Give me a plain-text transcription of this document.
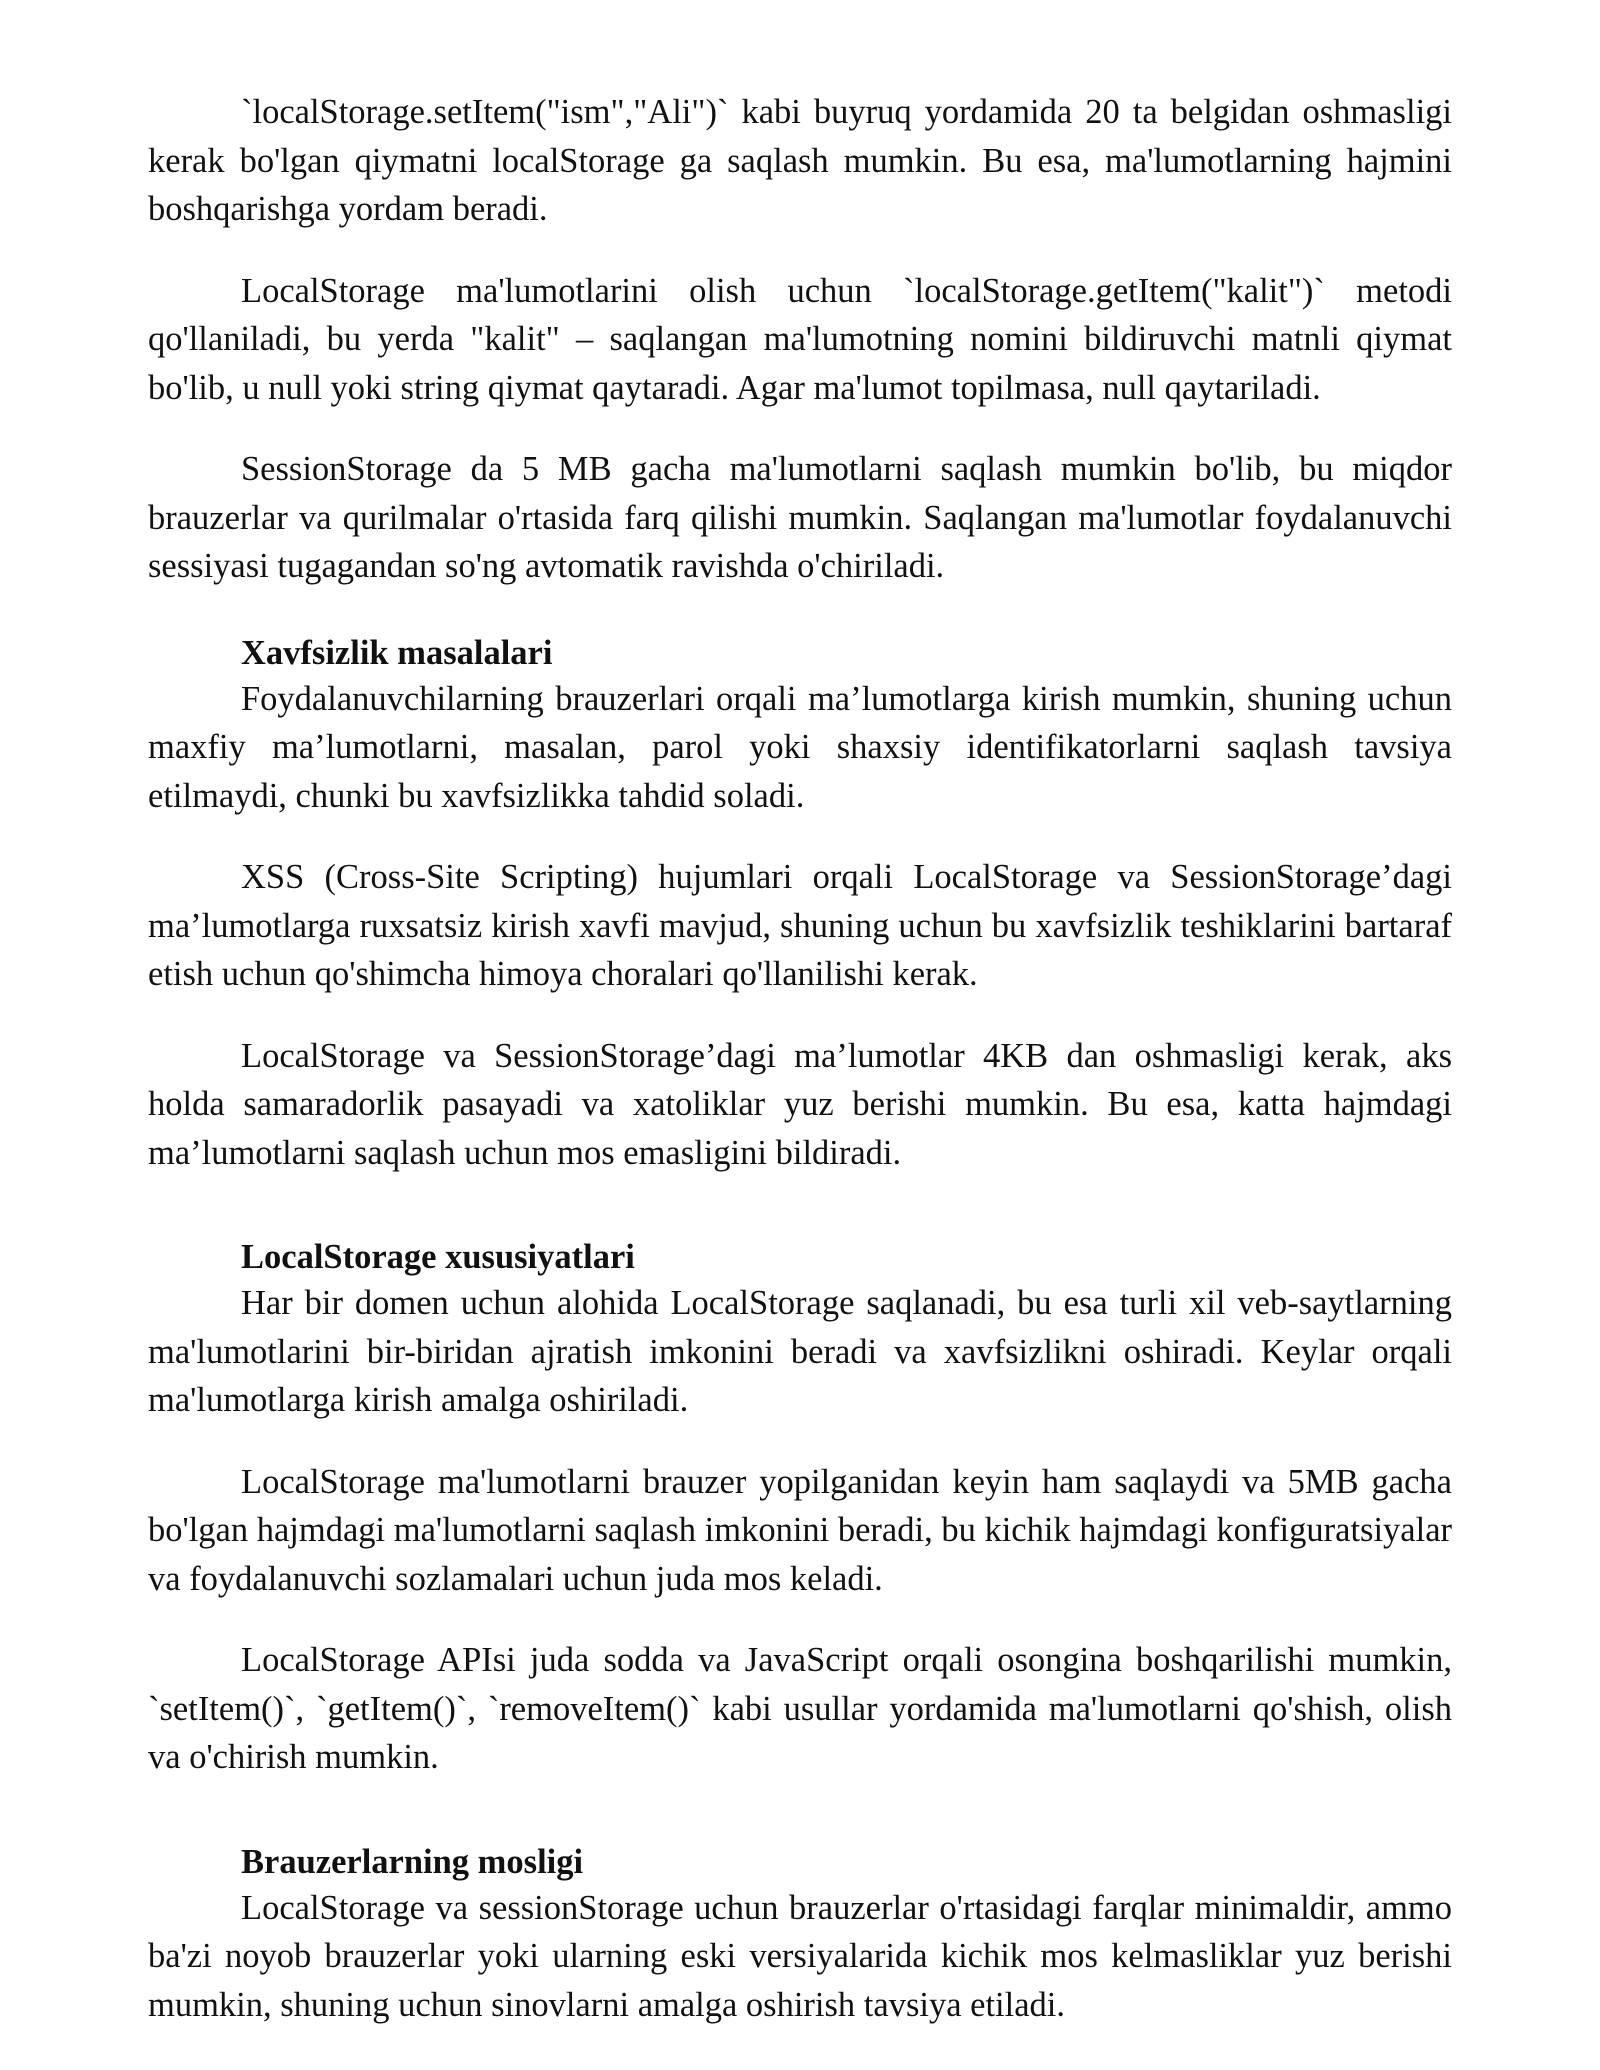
`localStorage.setItem("ism","Ali")` kabi buyruq yordamida 20 ta belgidan oshmasligi kerak bo'lgan qiymatni localStorage ga saqlash mumkin. Bu esa, ma'lumotlarning hajmini boshqarishga yordam beradi.

LocalStorage ma'lumotlarini olish uchun `localStorage.getItem("kalit")` metodi qo'llaniladi, bu yerda "kalit" – saqlangan ma'lumotning nomini bildiruvchi matnli qiymat bo'lib, u null yoki string qiymat qaytaradi. Agar ma'lumot topilmasa, null qaytariladi.

SessionStorage da 5 MB gacha ma'lumotlarni saqlash mumkin bo'lib, bu miqdor brauzerlar va qurilmalar o'rtasida farq qilishi mumkin. Saqlangan ma'lumotlar foydalanuvchi sessiyasi tugagandan so'ng avtomatik ravishda o'chiriladi.

Xavfsizlik masalalari

Foydalanuvchilarning brauzerlari orqali ma’lumotlarga kirish mumkin, shuning uchun maxfiy ma’lumotlarni, masalan, parol yoki shaxsiy identifikatorlarni saqlash tavsiya etilmaydi, chunki bu xavfsizlikka tahdid soladi.

XSS (Cross-Site Scripting) hujumlari orqali LocalStorage va SessionStorage’dagi ma’lumotlarga ruxsatsiz kirish xavfi mavjud, shuning uchun bu xavfsizlik teshiklarini bartaraf etish uchun qo'shimcha himoya choralari qo'llanilishi kerak.

LocalStorage va SessionStorage’dagi ma’lumotlar 4KB dan oshmasligi kerak, aks holda samaradorlik pasayadi va xatoliklar yuz berishi mumkin. Bu esa, katta hajmdagi ma’lumotlarni saqlash uchun mos emasligini bildiradi.

LocalStorage xususiyatlari

Har bir domen uchun alohida LocalStorage saqlanadi, bu esa turli xil veb-saytlarning ma'lumotlarini bir-biridan ajratish imkonini beradi va xavfsizlikni oshiradi. Keylar orqali ma'lumotlarga kirish amalga oshiriladi.

LocalStorage ma'lumotlarni brauzer yopilganidan keyin ham saqlaydi va 5MB gacha bo'lgan hajmdagi ma'lumotlarni saqlash imkonini beradi, bu kichik hajmdagi konfiguratsiyalar va foydalanuvchi sozlamalari uchun juda mos keladi.

LocalStorage APIsi juda sodda va JavaScript orqali osongina boshqarilishi mumkin, `setItem()`, `getItem()`, `removeItem()` kabi usullar yordamida ma'lumotlarni qo'shish, olish va o'chirish mumkin.

Brauzerlarning mosligi

LocalStorage va sessionStorage uchun brauzerlar o'rtasidagi farqlar minimaldir, ammo ba'zi noyob brauzerlar yoki ularning eski versiyalarida kichik mos kelmasliklar yuz berishi mumkin, shuning uchun sinovlarni amalga oshirish tavsiya etiladi.
